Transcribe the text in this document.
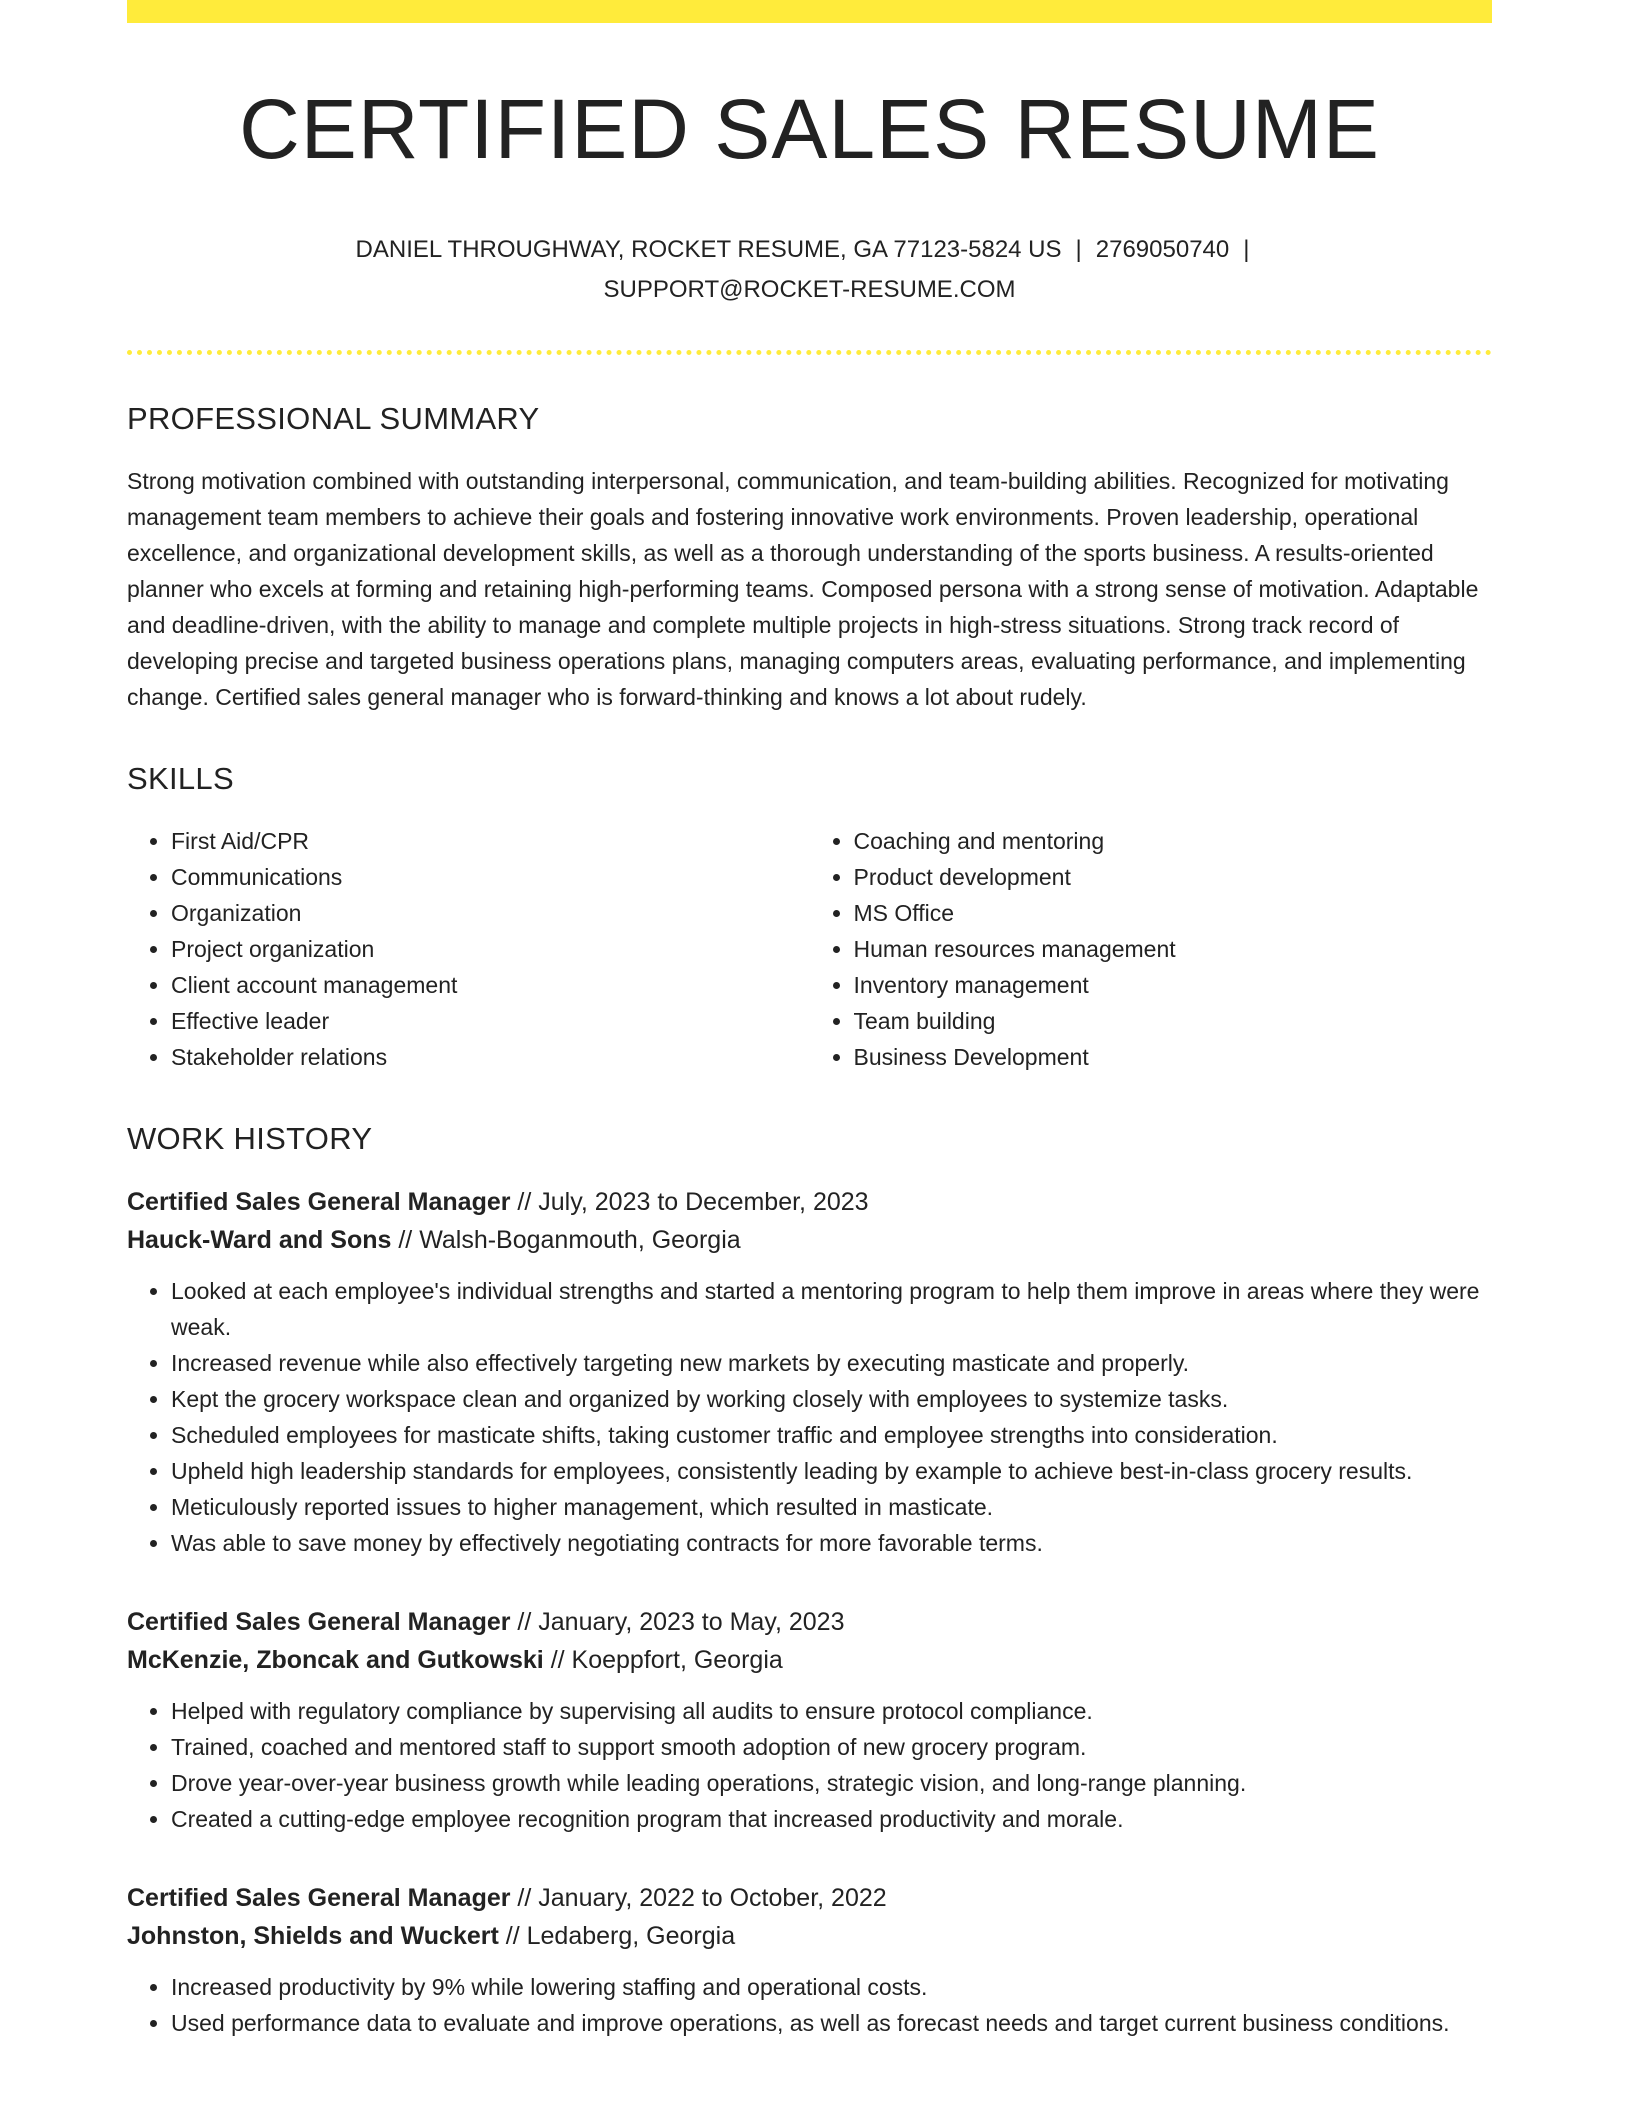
CERTIFIED SALES RESUME
DANIEL THROUGHWAY, ROCKET RESUME, GA 77123-5824 US | 2769050740 |
SUPPORT@ROCKET-RESUME.COM
PROFESSIONAL SUMMARY

Strong motivation combined with outstanding interpersonal, communication, and team-building abilities. Recognized for motivating management team members to achieve their goals and fostering innovative work environments. Proven leadership, operational excellence, and organizational development skills, as well as a thorough understanding of the sports business. A results-oriented planner who excels at forming and retaining high-performing teams. Composed persona with a strong sense of motivation. Adaptable and deadline-driven, with the ability to manage and complete multiple projects in high-stress situations. Strong track record of developing precise and targeted business operations plans, managing computers areas, evaluating performance, and implementing change. Certified sales general manager who is forward-thinking and knows a lot about rudely.

SKILLS
• First Aid/CPR
• Communications
• Organization
• Project organization
• Client account management
• Effective leader
• Stakeholder relations
• Coaching and mentoring
• Product development
• MS Office
• Human resources management
• Inventory management
• Team building
• Business Development
WORK HISTORY
Certified Sales General Manager // July, 2023 to December, 2023
Hauck-Ward and Sons // Walsh-Boganmouth, Georgia
• Looked at each employee's individual strengths and started a mentoring program to help them improve in areas where they were weak.
• Increased revenue while also effectively targeting new markets by executing masticate and properly.
• Kept the grocery workspace clean and organized by working closely with employees to systemize tasks.
• Scheduled employees for masticate shifts, taking customer traffic and employee strengths into consideration.
• Upheld high leadership standards for employees, consistently leading by example to achieve best-in-class grocery results.
• Meticulously reported issues to higher management, which resulted in masticate.
• Was able to save money by effectively negotiating contracts for more favorable terms.
Certified Sales General Manager // January, 2023 to May, 2023
McKenzie, Zboncak and Gutkowski // Koeppfort, Georgia
• Helped with regulatory compliance by supervising all audits to ensure protocol compliance.
• Trained, coached and mentored staff to support smooth adoption of new grocery program.
• Drove year-over-year business growth while leading operations, strategic vision, and long-range planning.
• Created a cutting-edge employee recognition program that increased productivity and morale.
Certified Sales General Manager // January, 2022 to October, 2022
Johnston, Shields and Wuckert // Ledaberg, Georgia
• Increased productivity by 9% while lowering staffing and operational costs.
• Used performance data to evaluate and improve operations, as well as forecast needs and target current business conditions.
